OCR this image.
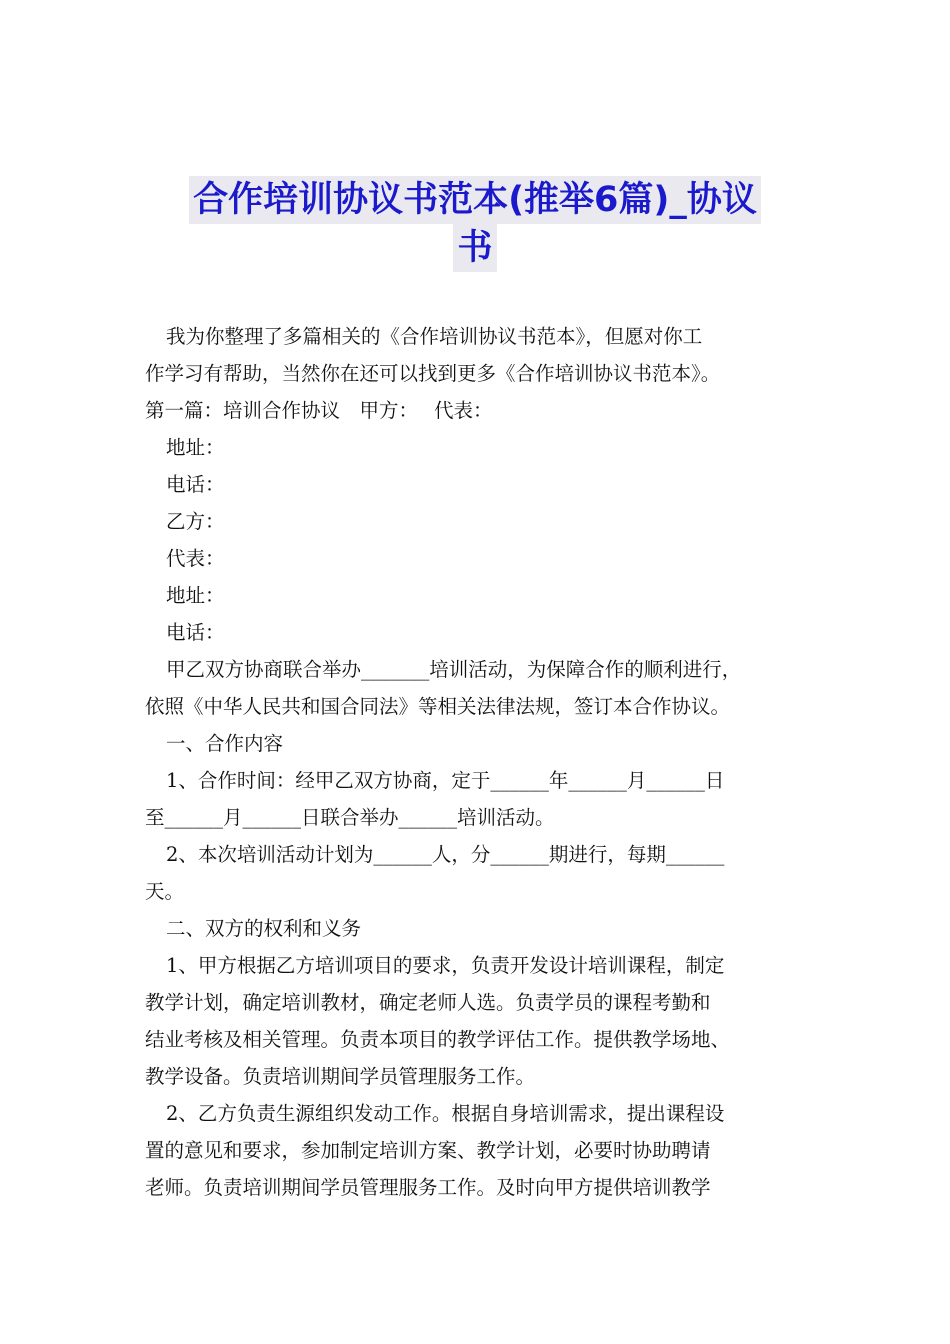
合作培训协议书范本(推举6篇)_协议
书

我为你整理了多篇相关的《合作培训协议书范本》，但愿对你工

作学习有帮助，当然你在还可以找到更多《合作培训协议书范本》。

第一篇：培训合作协议　甲方：　 代表：

地址：

电话：

乙方：

代表：

地址：

电话：

甲乙双方协商联合举办_______培训活动，为保障合作的顺利进行，

依照《中华人民共和国合同法》等相关法律法规，签订本合作协议。

一、合作内容

1、合作时间：经甲乙双方协商，定于______年______月______日

至______月______日联合举办______培训活动。

2、本次培训活动计划为______人，分______期进行，每期______

天。

二、双方的权利和义务

1、甲方根据乙方培训项目的要求，负责开发设计培训课程，制定

教学计划，确定培训教材，确定老师人选。负责学员的课程考勤和

结业考核及相关管理。负责本项目的教学评估工作。提供教学场地、

教学设备。负责培训期间学员管理服务工作。

2、乙方负责生源组织发动工作。根据自身培训需求，提出课程设

置的意见和要求，参加制定培训方案、教学计划，必要时协助聘请

老师。负责培训期间学员管理服务工作。及时向甲方提供培训教学
